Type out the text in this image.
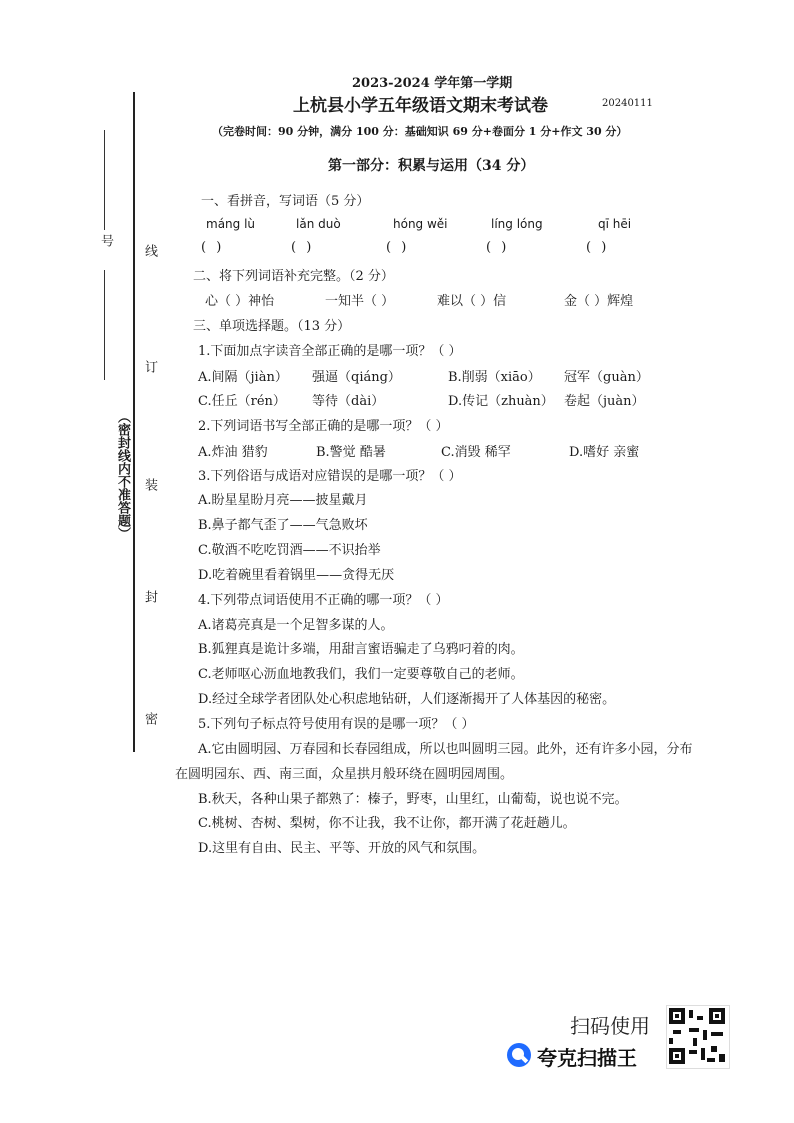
（密封线内不准答题）
号
装
线
订
封
密
2023-2024 学年第一学期
上杭县小学五年级语文期末考试卷	20240111
（完卷时间：90 分钟，满分 100 分：基础知识 69 分+卷面分 1 分+作文 30 分）
第一部分：积累与运用（34 分）
一、看拼音，写词语（5 分）
máng lù	lǎn duò	hóng wěi	líng lóng	qī hēi
( )	( )	( )	( )	( )
二、将下列词语补充完整。（2 分）
心（ ）神怡	一知半（ ）	难以（ ）信	金（ ）辉煌
三、单项选择题。（13 分）
1.下面加点字读音全部正确的是哪一项？（ ）
A.间隔（jiàn） 强逼（qiáng）	B.削弱（xiāo） 冠军（guàn）
C.任丘（rén） 等待（dài）	D.传记（zhuàn） 卷起（juàn）
2.下列词语书写全部正确的是哪一项？（ ）
A.炸油 猎豹	B.警觉 酷暑	C.消毁 稀罕	D.嗜好 亲蜜
3.下列俗语与成语对应错误的是哪一项？（ ）
A.盼星星盼月亮——披星戴月
B.鼻子都气歪了——气急败坏
C.敬酒不吃吃罚酒——不识抬举
D.吃着碗里看着锅里——贪得无厌
4.下列带点词语使用不正确的哪一项？（ ）
A.诸葛亮真是一个足智多谋的人。
B.狐狸真是诡计多端，用甜言蜜语骗走了乌鸦叼着的肉。
C.老师呕心沥血地教我们，我们一定要尊敬自己的老师。
D.经过全球学者团队处心积虑地钻研，人们逐渐揭开了人体基因的秘密。
5.下列句子标点符号使用有误的是哪一项？（ ）
A.它由圆明园、万春园和长春园组成，所以也叫圆明三园。此外，还有许多小园，分布
在圆明园东、西、南三面，众星拱月般环绕在圆明园周围。
B.秋天，各种山果子都熟了：榛子，野枣，山里红，山葡萄，说也说不完。
C.桃树、杏树、梨树，你不让我，我不让你，都开满了花赶趟儿。
D.这里有自由、民主、平等、开放的风气和氛围。
扫码使用
夸克扫描王
